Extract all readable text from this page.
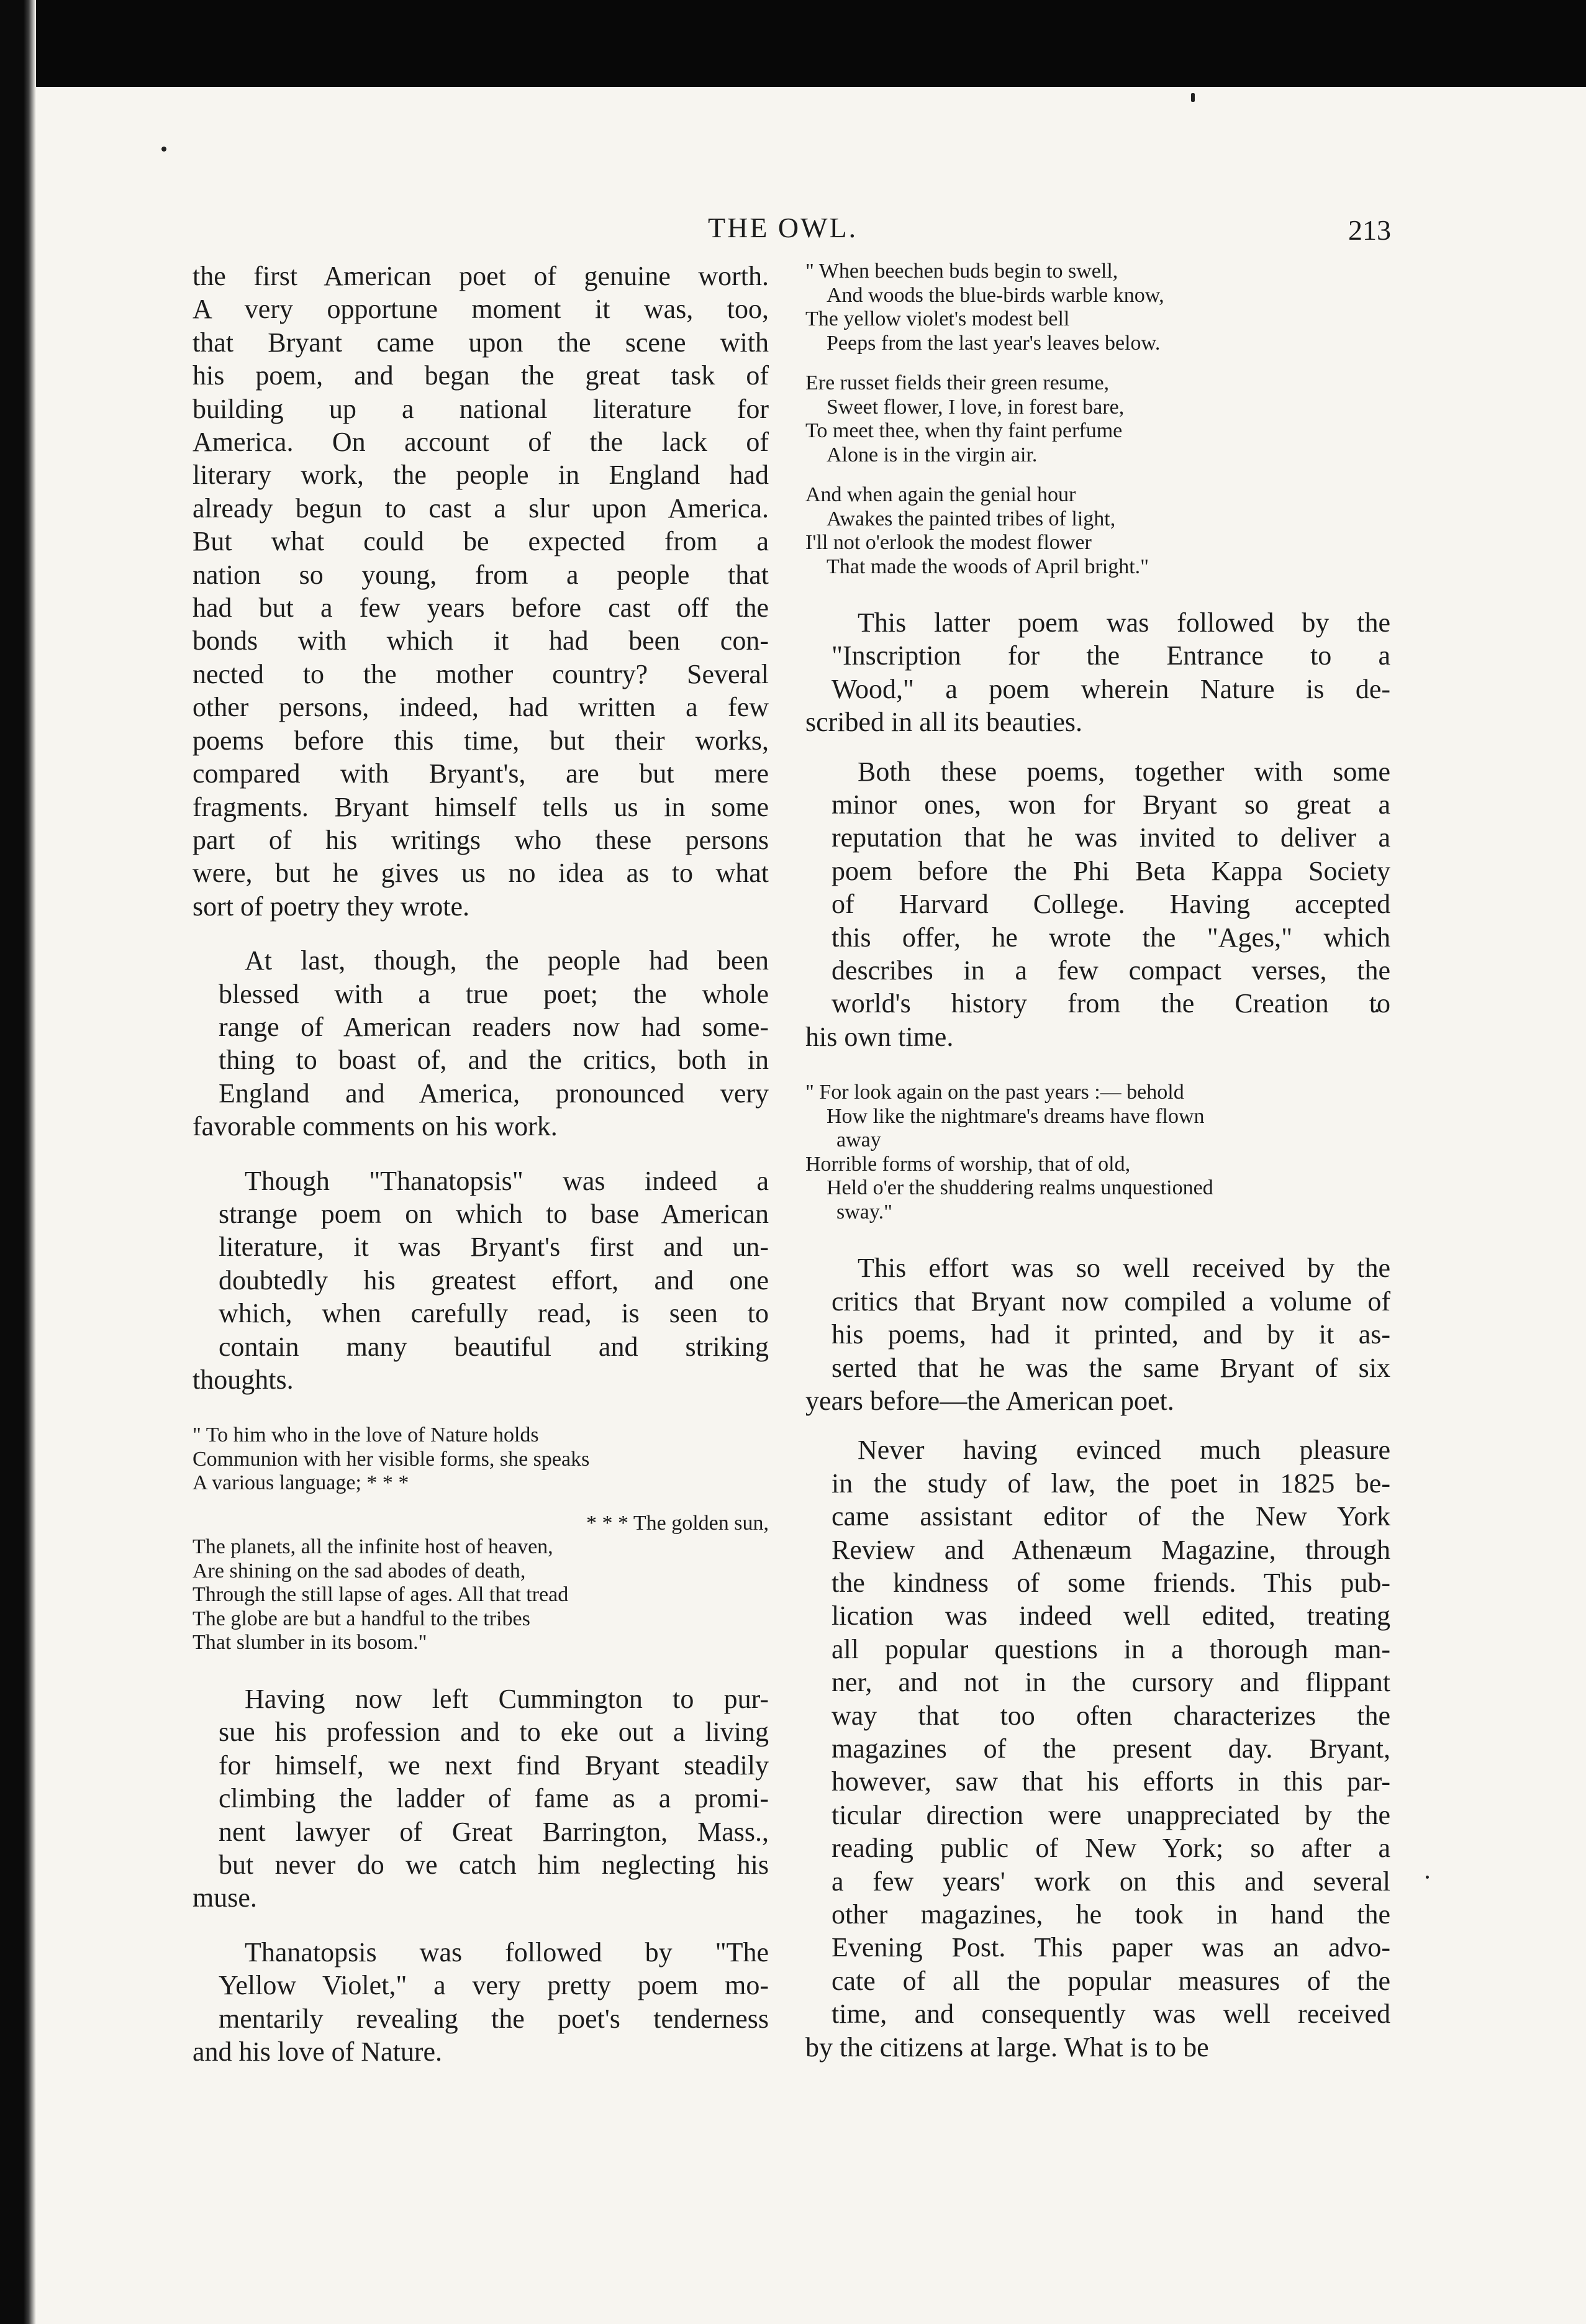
THE OWL.	213
the first American poet of genuine worth.
A very opportune moment it was, too,
that Bryant came upon the scene with
his poem, and began the great task of
building up a national literature for
America. On account of the lack of
literary work, the people in England had
already begun to cast a slur upon America.
But what could be expected from a
nation so young, from a people that
had but a few years before cast off the
bonds with which it had been con-
nected to the mother country? Several
other persons, indeed, had written a few
poems before this time, but their works,
compared with Bryant's, are but mere
fragments. Bryant himself tells us in some
part of his writings who these persons
were, but he gives us no idea as to what
sort of poetry they wrote.
At last, though, the people had been
blessed with a true poet; the whole
range of American readers now had some-
thing to boast of, and the critics, both in
England and America, pronounced very
favorable comments on his work.
Though "Thanatopsis" was indeed a
strange poem on which to base American
literature, it was Bryant's first and un-
doubtedly his greatest effort, and one
which, when carefully read, is seen to
contain many beautiful and striking
thoughts.
" To him who in the love of Nature holds
Communion with her visible forms, she speaks
A various language; * * *
* * * The golden sun,
The planets, all the infinite host of heaven,
Are shining on the sad abodes of death,
Through the still lapse of ages. All that tread
The globe are but a handful to the tribes
That slumber in its bosom."
Having now left Cummington to pur-
sue his profession and to eke out a living
for himself, we next find Bryant steadily
climbing the ladder of fame as a promi-
nent lawyer of Great Barrington, Mass.,
but never do we catch him neglecting his
muse.
Thanatopsis was followed by "The
Yellow Violet," a very pretty poem mo-
mentarily revealing the poet's tenderness
and his love of Nature.
" When beechen buds begin to swell,
And woods the blue-birds warble know,
The yellow violet's modest bell
Peeps from the last year's leaves below.
Ere russet fields their green resume,
Sweet flower, I love, in forest bare,
To meet thee, when thy faint perfume
Alone is in the virgin air.
And when again the genial hour
Awakes the painted tribes of light,
I'll not o'erlook the modest flower
That made the woods of April bright."
This latter poem was followed by the
"Inscription for the Entrance to a
Wood," a poem wherein Nature is de-
scribed in all its beauties.
Both these poems, together with some
minor ones, won for Bryant so great a
reputation that he was invited to deliver a
poem before the Phi Beta Kappa Society
of Harvard College. Having accepted
this offer, he wrote the "Ages," which
describes in a few compact verses, the
world's history from the Creation to
his own time.
" For look again on the past years :— behold
How like the nightmare's dreams have flown
away
Horrible forms of worship, that of old,
Held o'er the shuddering realms unquestioned
sway."
This effort was so well received by the
critics that Bryant now compiled a volume of
his poems, had it printed, and by it as-
serted that he was the same Bryant of six
years before—the American poet.
Never having evinced much pleasure
in the study of law, the poet in 1825 be-
came assistant editor of the New York
Review and Athenæum Magazine, through
the kindness of some friends. This pub-
lication was indeed well edited, treating
all popular questions in a thorough man-
ner, and not in the cursory and flippant
way that too often characterizes the
magazines of the present day. Bryant,
however, saw that his efforts in this par-
ticular direction were unappreciated by the
reading public of New York; so after a
a few years' work on this and several
other magazines, he took in hand the
Evening Post. This paper was an advo-
cate of all the popular measures of the
time, and consequently was well received
by the citizens at large. What is to be
